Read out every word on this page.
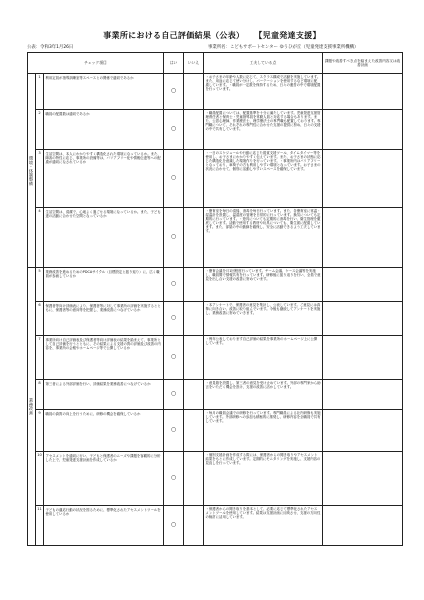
事業所における自己評価結果（公表） 【児童発達支援】
公表：令和3年1月26日	事業所名：こどもサポートセンター ゆうひが丘（児童発達支援事業所機構）
チェック項目			はい	いいえ	工夫している点	課題や改善すべき点を踏まえた改善内容又は改善計画

環境・体制整備	1	利用定員が指導訓練室等スペースとの関係で適切であるか	○		・お子さまの年齢や人数に応じて、スクラス構成で活動を実施しています。また、用途に応じて使い分けし、パーテーションを使用するなど環境に配慮しています。・職員が一定数を保持するため、日々の運営の中で環境配置を行っています。	
	2	職員の配置数は適切であるか	○		・職員配置については、配置基準を十分に満たしています。児童発達支援管理責任者と保育士・児童指導員を常勤人員と対応する場合もあります。また、公認心理師、作業療法士、理学療法士の専門職も配置しております。専門職について、それぞれの専門性に合わせた支援の提供に努め、日々の支援の中で共有しています。	
	3	生活空間は、本人にわかりやすく構造化された環境になっているか。また、障害の特性に応じ、事業所の設備等は、バリアフリー化や情報伝達等への配慮が適切になされているか	○		・一日のスケジュールや行動に応じた視覚支援ツール、タイムタイマー等を使用し、お子さまにわかりやすく伝えています。また、お子さまの状態に応じた構造化を意識した環境作りを行っています。・事業所内はバリアフリーとなっており、車椅子の方も利用しやすい環境となっています。お子さまの状況に合わせて、個別に活動しやすいスペースを確保しています。	
	4	生活空間は、清潔で、心地よく過ごせる環境になっているか。また、子ども達の活動に合わせた空間となっているか	○		・療育室を毎日の清掃、消毒を毎日行っています。また、各療育室に常温・湿温計を設置し、温湿度の管理を日常的に行っています。換気についても定期的に行っています。・遊具についても定期的に消毒を行い、衛生管理を徹底しています。活動で使用する教材や玩具についても、衛生面に配慮しています。また、部屋の中の動線を確保し、安全に活動できるよう工夫しています。	

業務改善	5	業務改善を進めるためのPDCAサイクル（目標設定と振り返り）に、広く職員が参画しているか	○		・療育会議を月1回程度行っています。チーム会議、ケース会議等を実施し、職員間で情報共有を行っています。研修後に振り返りを行い、全員で意見を出し合い支援の改善に努めています。	
	6	保護者等向け評価表により、保護者等に対して事業所の評価を実施するとともに、保護者等の意向等を把握し、業務改善につなげているか	○		・本アンケートで、保護者の意見を集計し、公表しています。ご意見には真摯に向き合い、改善に取り組んでいます。今後も継続してアンケートを実施し、業務改善に努めていきます。	
	7	事業所向け自己評価表及び保護者等向け評価表の結果を踏まえて、事業所として自己評価を行うとともに、その結果による支援の質の評価及び改善の内容を、事業所の会報やホームページ等で公開しているか	○		・例年公表しております自己評価の結果を事業所のホームページ上に公開しています。	
	8	第三者による外部評価を行い、評価結果を業務改善につなげているか	○		・意見箱を設置し、第三者の意見を受け止めています。外部の専門家から助言をいただく機会を設け、支援の改善に活かしています。	
	9	職員の資質の向上を行うために、研修の機会を確保しているか	○		・毎月の職員会議での研修を行っています。専門職員による社内研修も実施しています。外部研修への参加も積極的に推奨し、研修内容を全職員で共有しています。	
	10	アセスメントを適切に行い、子どもと保護者のニーズや課題を客観的に分析した上で、児童発達支援計画を作成しているか	○		・個別支援計画を作成する際には、保護者からの聞き取りやアセスメント結果をもとに作成しています。定期的にモニタリングを実施し、支援内容の見直しを行っています。	
	11	子どもの適応行動の状況を図るために、標準化されたアセスメントツールを使用しているか	○		・保護者からの聞き取りを基本として、必要に応じて標準化されたアセスメントツールを使用しています。結果は支援計画に反映させ、支援の方向性の検討に活用しています。	
